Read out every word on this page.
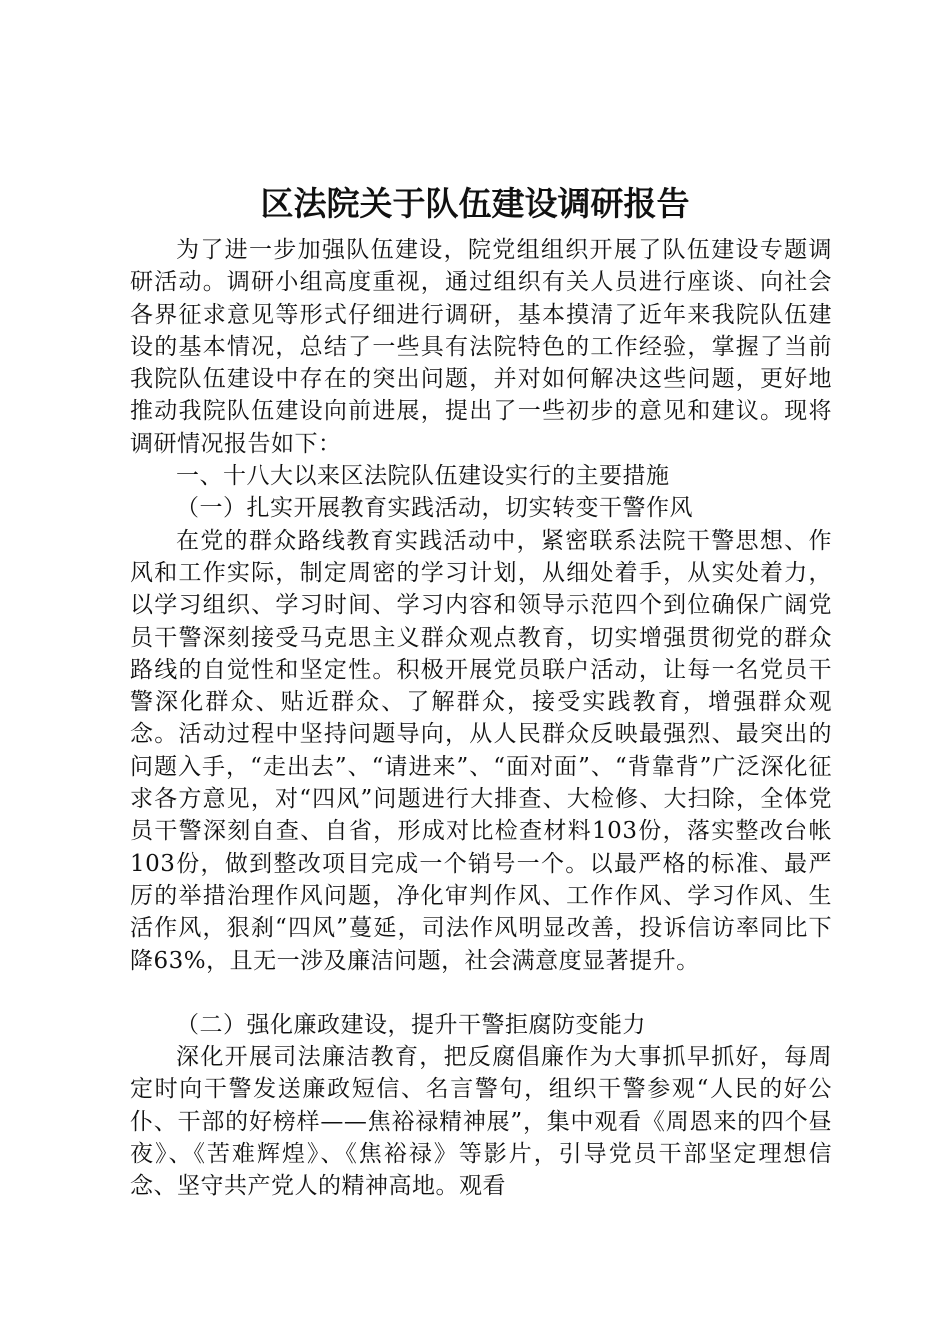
区法院关于队伍建设调研报告

为了进一步加强队伍建设，院党组组织开展了队伍建设专题调研活动。调研小组高度重视，通过组织有关人员进行座谈、向社会各界征求意见等形式仔细进行调研，基本摸清了近年来我院队伍建设的基本情况，总结了一些具有法院特色的工作经验，掌握了当前我院队伍建设中存在的突出问题，并对如何解决这些问题，更好地推动我院队伍建设向前进展，提出了一些初步的意见和建议。现将调研情况报告如下：

一、十八大以来区法院队伍建设实行的主要措施

（一）扎实开展教育实践活动，切实转变干警作风

在党的群众路线教育实践活动中，紧密联系法院干警思想、作风和工作实际，制定周密的学习计划，从细处着手，从实处着力，以学习组织、学习时间、学习内容和领导示范四个到位确保广阔党员干警深刻接受马克思主义群众观点教育，切实增强贯彻党的群众路线的自觉性和坚定性。积极开展党员联户活动，让每一名党员干警深化群众、贴近群众、了解群众，接受实践教育，增强群众观念。活动过程中坚持问题导向，从人民群众反映最强烈、最突出的问题入手，“走出去”、“请进来”、“面对面”、“背靠背”广泛深化征求各方意见，对“四风”问题进行大排查、大检修、大扫除，全体党员干警深刻自查、自省，形成对比检查材料103份，落实整改台帐103份，做到整改项目完成一个销号一个。以最严格的标准、最严厉的举措治理作风问题，净化审判作风、工作作风、学习作风、生活作风，狠刹“四风”蔓延，司法作风明显改善，投诉信访率同比下降63%，且无一涉及廉洁问题，社会满意度显著提升。

（二）强化廉政建设，提升干警拒腐防变能力

深化开展司法廉洁教育，把反腐倡廉作为大事抓早抓好，每周定时向干警发送廉政短信、名言警句，组织干警参观“人民的好公仆、干部的好榜样——焦裕禄精神展”，集中观看《周恩来的四个昼夜》、《苦难辉煌》、《焦裕禄》等影片，引导党员干部坚定理想信念、坚守共产党人的精神高地。观看
